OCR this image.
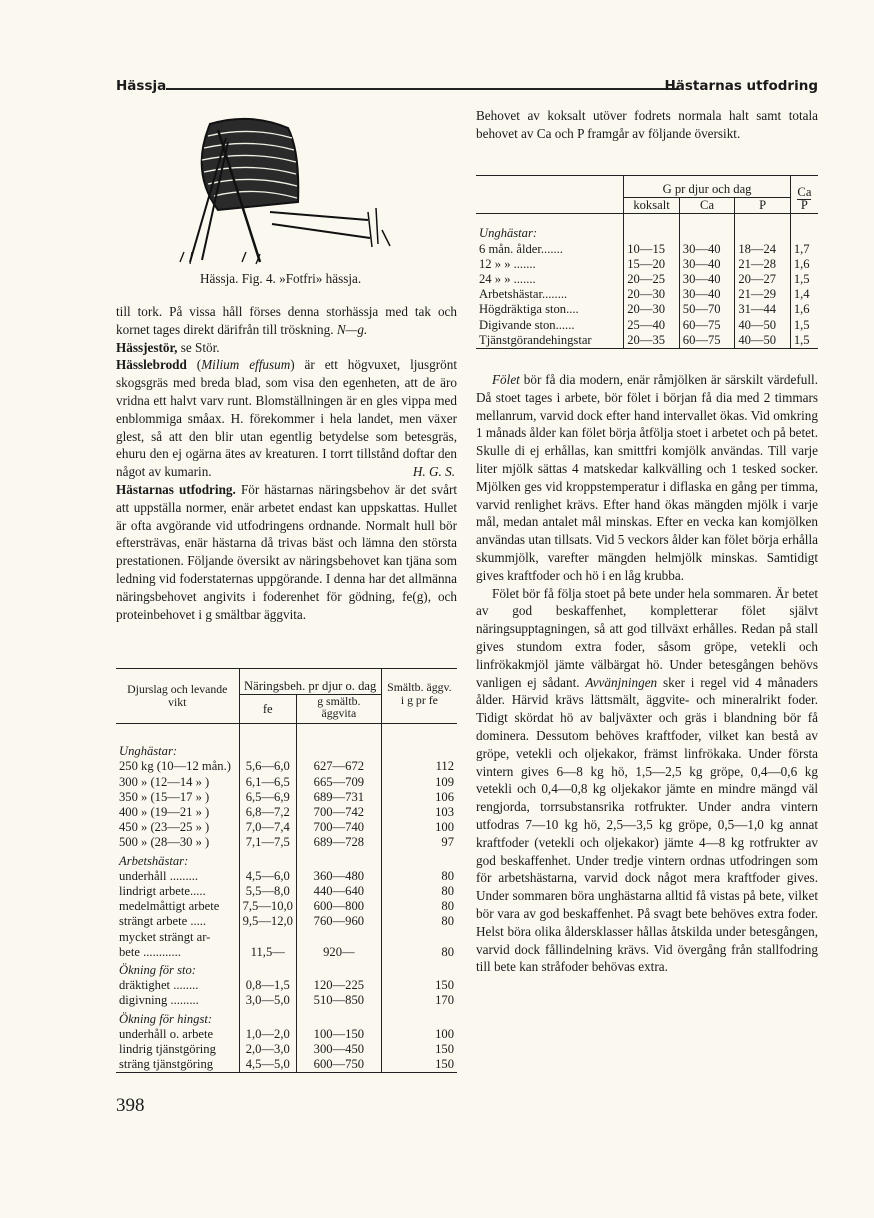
Hässja	Hästarnas utfodring
Hässja. Fig. 4. »Fotfri» hässja.

till tork. På vissa håll förses denna storhässja med tak och kornet tages direkt därifrån till tröskning. N—g.

Hässjestör, se Stör.

Hässlebrodd (Milium effusum) är ett högvuxet, ljusgrönt skogsgräs med breda blad, som visa den egenheten, att de äro vridna ett halvt varv runt. Blomställningen är en gles vippa med enblommiga småax. H. förekommer i hela landet, men växer glest, så att den blir utan egentlig betydelse som betesgräs, ehuru den ej ogärna ätes av kreaturen. I torrt tillstånd doftar den något av kumarin.	H. G. S.

Hästarnas utfodring. För hästarnas näringsbehov är det svårt att uppställa normer, enär arbetet endast kan uppskattas. Hullet är ofta avgörande vid utfodringens ordnande. Normalt hull bör eftersträvas, enär hästarna då trivas bäst och lämna den största prestationen. Följande översikt av näringsbehovet kan tjäna som ledning vid foderstaternas uppgörande. I denna har det allmänna näringsbehovet angivits i foderenhet för gödning, fe(g), och proteinbehovet i g smältbar äggvita.

Djurslag och levande vikt	Näringsbeh. pr djur o. dag		Smältb. äggv. i g pr fe
	fe	g smältb. äggvita	
Unghästar:			
250 kg (10—12 mån.)	5,6—6,0	627—672	112
300 » (12—14 » )	6,1—6,5	665—709	109
350 » (15—17 » )	6,5—6,9	689—731	106
400 » (19—21 » )	6,8—7,2	700—742	103
450 » (23—25 » )	7,0—7,4	700—740	100
500 » (28—30 » )	7,1—7,5	689—728	97
Arbetshästar:			
underhåll .........	4,5—6,0	360—480	80
lindrigt arbete.....	5,5—8,0	440—640	80
medelmåttigt arbete	7,5—10,0	600—800	80
strängt arbete .....	9,5—12,0	760—960	80
mycket strängt ar-			
bete ............	11,5—	920—	80
Ökning för sto:			
dräktighet ........	0,8—1,5	120—225	150
digivning .........	3,0—5,0	510—850	170
Ökning för hingst:			
underhåll o. arbete	1,0—2,0	100—150	100
lindrig tjänstgöring	2,0—3,0	300—450	150
sträng tjänstgöring	4,5—5,0	600—750	150
Behovet av koksalt utöver fodrets normala halt samt totala behovet av Ca och P framgår av följande översikt.
	G pr djur och dag			Ca
P
	koksalt	Ca	P	
Unghästar:				
6 mån. ålder.......	10—15	30—40	18—24	1,7
12 » » .......	15—20	30—40	21—28	1,6
24 » » .......	20—25	30—40	20—27	1,5
Arbetshästar........	20—30	30—40	21—29	1,4
Högdräktiga ston....	20—30	50—70	31—44	1,6
Digivande ston......	25—40	60—75	40—50	1,5
Tjänstgörandehingstar	20—35	60—75	40—50	1,5

Fölet bör få dia modern, enär råmjölken är särskilt värdefull. Då stoet tages i arbete, bör fölet i början få dia med 2 timmars mellanrum, varvid dock efter hand intervallet ökas. Vid omkring 1 månads ålder kan fölet börja åtfölja stoet i arbetet och på betet. Skulle di ej erhållas, kan smittfri komjölk användas. Till varje liter mjölk sättas 4 matskedar kalkvälling och 1 tesked socker. Mjölken ges vid kroppstemperatur i diflaska en gång per timma, varvid renlighet krävs. Efter hand ökas mängden mjölk i varje mål, medan antalet mål minskas. Efter en vecka kan komjölken användas utan tillsats. Vid 5 veckors ålder kan fölet börja erhålla skummjölk, varefter mängden helmjölk minskas. Samtidigt gives kraftfoder och hö i en låg krubba.

Fölet bör få följa stoet på bete under hela sommaren. Är betet av god beskaffenhet, kompletterar fölet självt näringsupptagningen, så att god tillväxt erhålles. Redan på stall gives stundom extra foder, såsom gröpe, vetekli och linfrökakmjöl jämte välbärgat hö. Under betesgången behövs vanligen ej sådant. Avvänjningen sker i regel vid 4 månaders ålder. Härvid krävs lättsmält, äggvite- och mineralrikt foder. Tidigt skördat hö av baljväxter och gräs i blandning bör få dominera. Dessutom behöves kraftfoder, vilket kan bestå av gröpe, vetekli och oljekakor, främst linfrökaka. Under första vintern gives 6—8 kg hö, 1,5—2,5 kg gröpe, 0,4—0,6 kg vetekli och 0,4—0,8 kg oljekakor jämte en mindre mängd väl rengjorda, torrsubstansrika rotfrukter. Under andra vintern utfodras 7—10 kg hö, 2,5—3,5 kg gröpe, 0,5—1,0 kg annat kraftfoder (vetekli och oljekakor) jämte 4—8 kg rotfrukter av god beskaffenhet. Under tredje vintern ordnas utfodringen som för arbetshästarna, varvid dock något mera kraftfoder gives. Under sommaren böra unghästarna alltid få vistas på bete, vilket bör vara av god beskaffenhet. På svagt bete behöves extra foder. Helst böra olika åldersklasser hållas åtskilda under betesgången, varvid dock fållindelning krävs. Vid övergång från stallfodring till bete kan stråfoder behövas extra.

398
